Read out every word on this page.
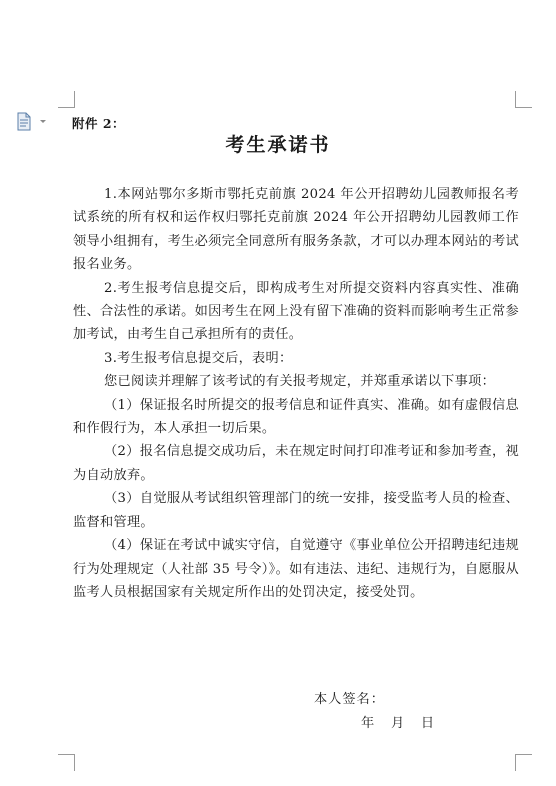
附件 2：
考生承诺书

1.本网站鄂尔多斯市鄂托克前旗 2024 年公开招聘幼儿园教师报名考试系统的所有权和运作权归鄂托克前旗 2024 年公开招聘幼儿园教师工作领导小组拥有，考生必须完全同意所有服务条款，才可以办理本网站的考试报名业务。

2.考生报考信息提交后，即构成考生对所提交资料内容真实性、准确性、合法性的承诺。如因考生在网上没有留下准确的资料而影响考生正常参加考试，由考生自己承担所有的责任。

3.考生报考信息提交后，表明：

您已阅读并理解了该考试的有关报考规定，并郑重承诺以下事项：

（1）保证报名时所提交的报考信息和证件真实、准确。如有虚假信息和作假行为，本人承担一切后果。

（2）报名信息提交成功后，未在规定时间打印准考证和参加考查，视为自动放弃。

（3）自觉服从考试组织管理部门的统一安排，接受监考人员的检查、监督和管理。

（4）保证在考试中诚实守信，自觉遵守《事业单位公开招聘违纪违规行为处理规定（人社部 35 号令）》。如有违法、违纪、违规行为，自愿服从监考人员根据国家有关规定所作出的处罚决定，接受处罚。

本人签名：
年    月    日
